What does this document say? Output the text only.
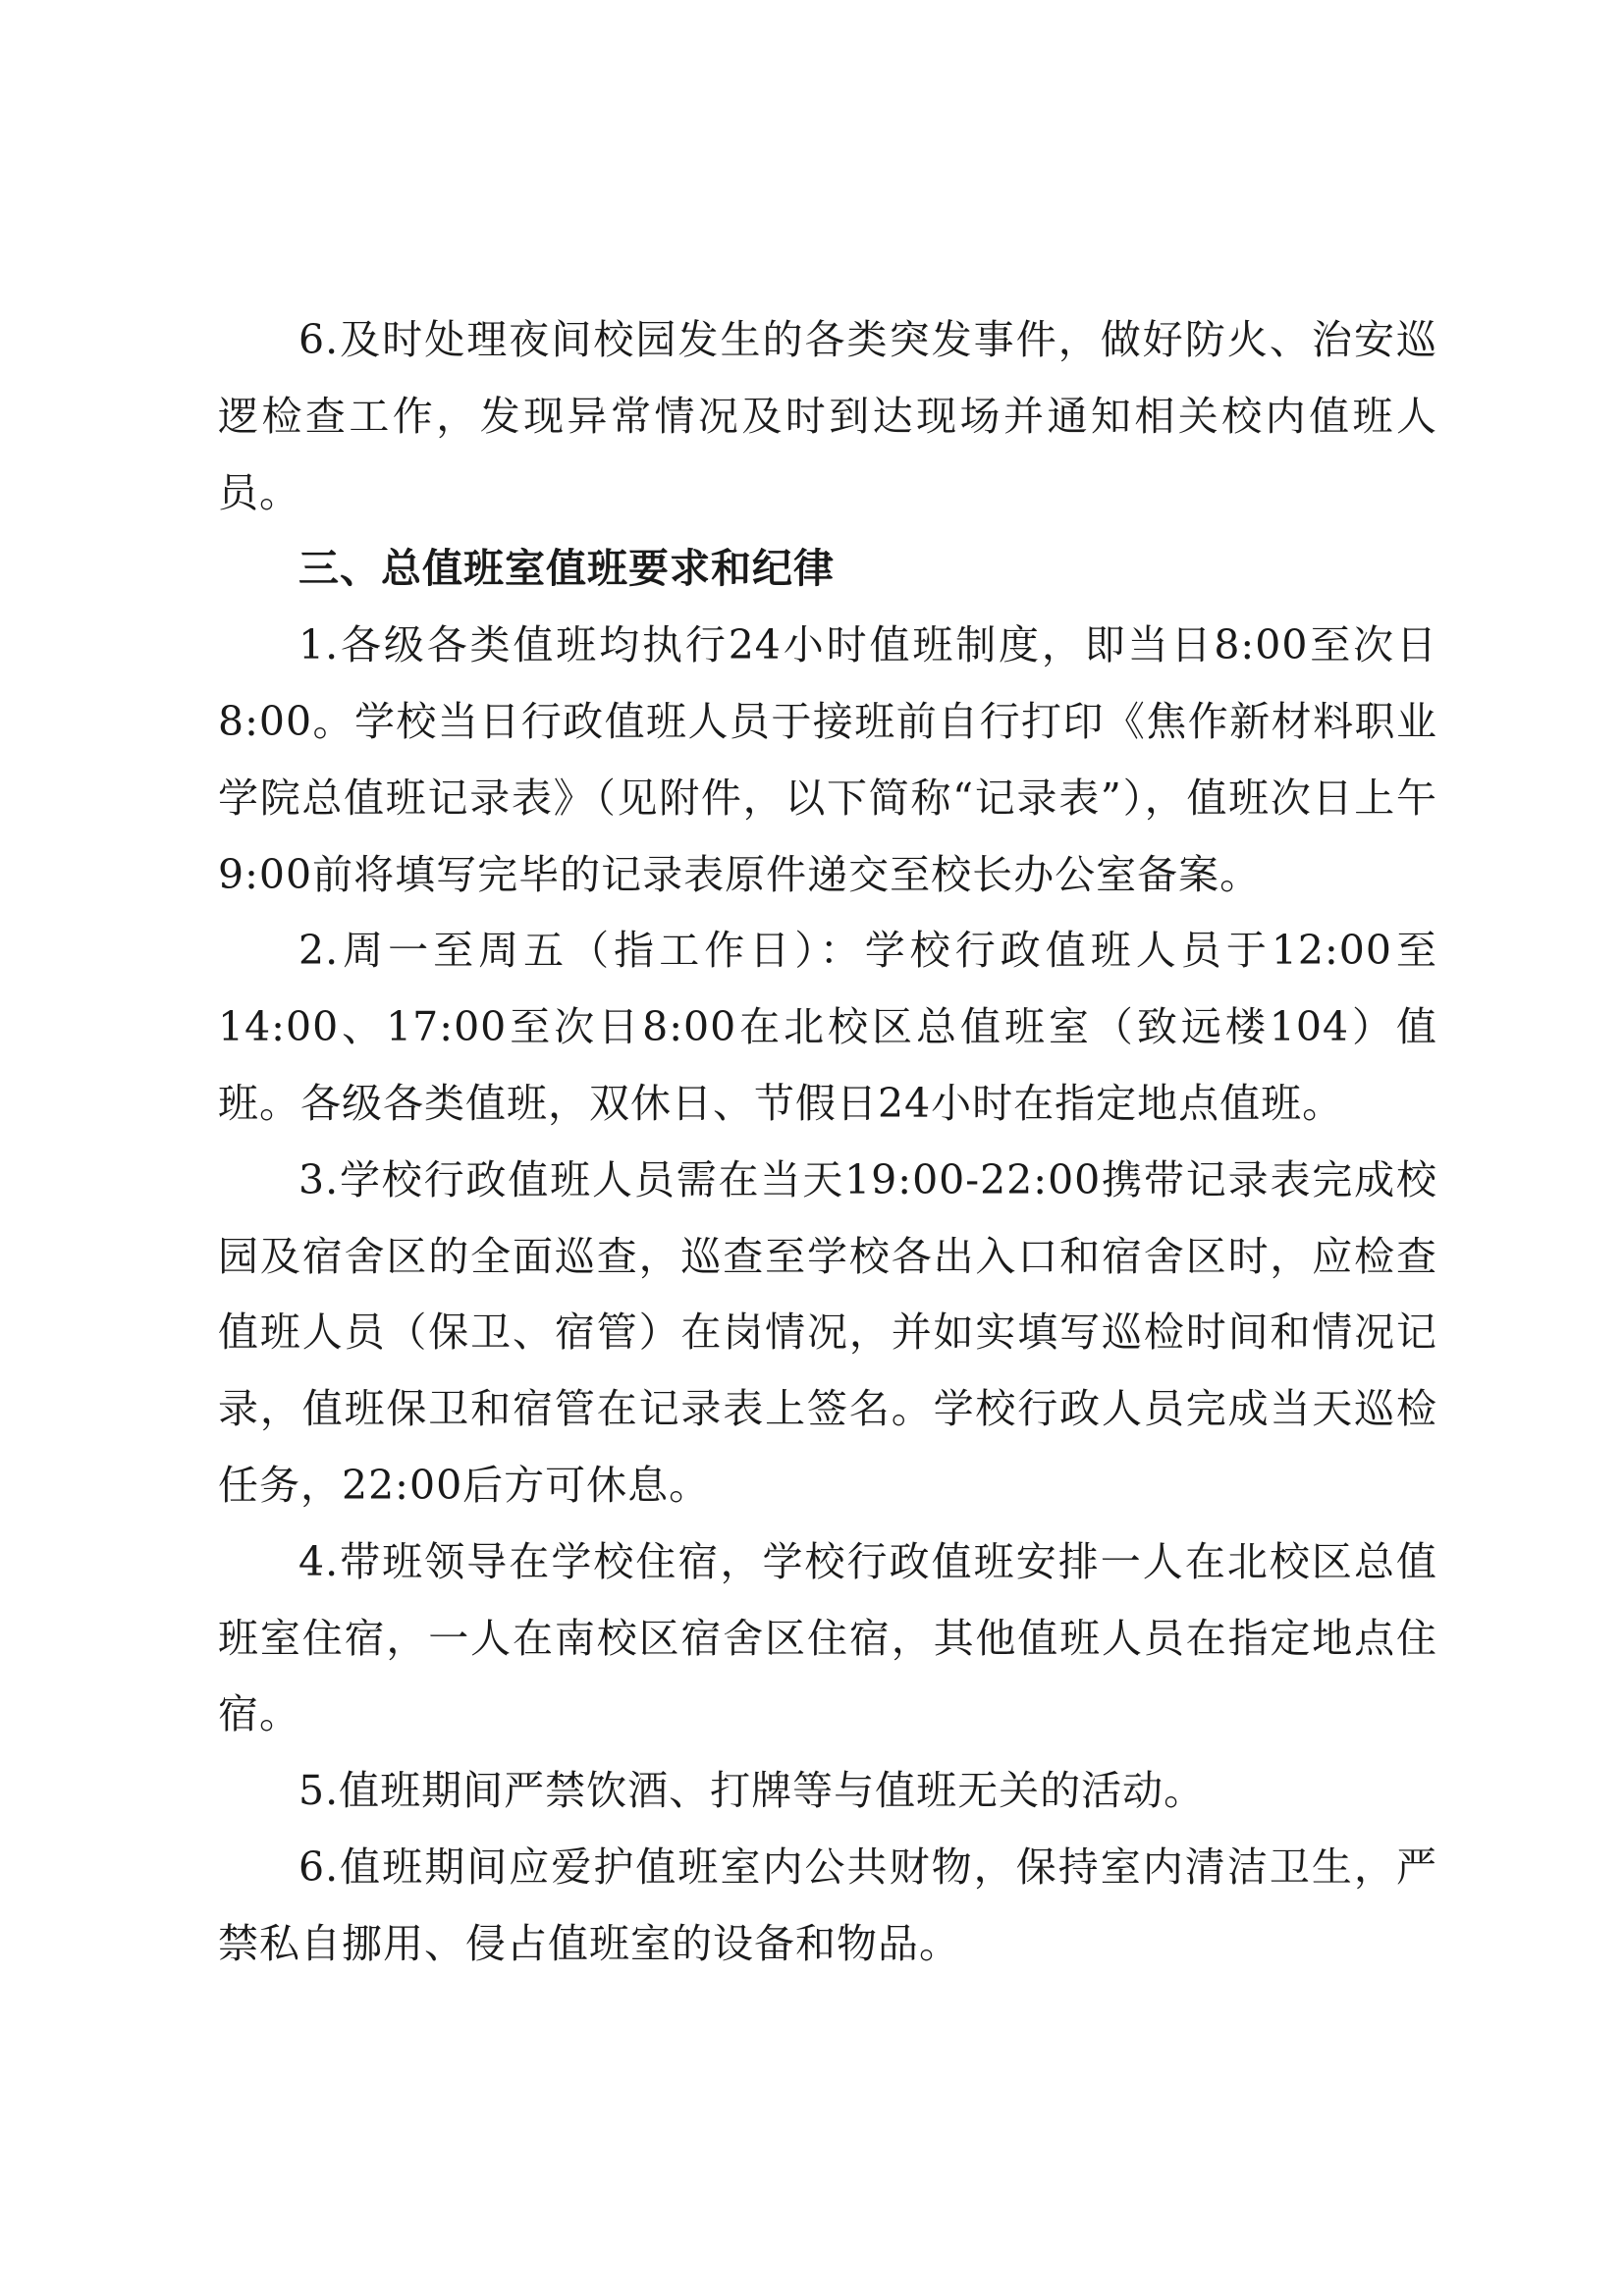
6.及时处理夜间校园发生的各类突发事件，做好防火、治安巡逻检查工作，发现异常情况及时到达现场并通知相关校内值班人员。

三、总值班室值班要求和纪律

1.各级各类值班均执行24小时值班制度，即当日8:00至次日8:00。学校当日行政值班人员于接班前自行打印《焦作新材料职业学院总值班记录表》（见附件，以下简称“记录表”），值班次日上午9:00前将填写完毕的记录表原件递交至校长办公室备案。

2.周一至周五（指工作日）：学校行政值班人员于12:00至14:00、17:00至次日8:00在北校区总值班室（致远楼104）值班。各级各类值班，双休日、节假日24小时在指定地点值班。

3.学校行政值班人员需在当天19:00-22:00携带记录表完成校园及宿舍区的全面巡查，巡查至学校各出入口和宿舍区时，应检查值班人员（保卫、宿管）在岗情况，并如实填写巡检时间和情况记录，值班保卫和宿管在记录表上签名。学校行政人员完成当天巡检任务，22:00后方可休息。

4.带班领导在学校住宿，学校行政值班安排一人在北校区总值班室住宿，一人在南校区宿舍区住宿，其他值班人员在指定地点住宿。

5.值班期间严禁饮酒、打牌等与值班无关的活动。

6.值班期间应爱护值班室内公共财物，保持室内清洁卫生，严禁私自挪用、侵占值班室的设备和物品。
